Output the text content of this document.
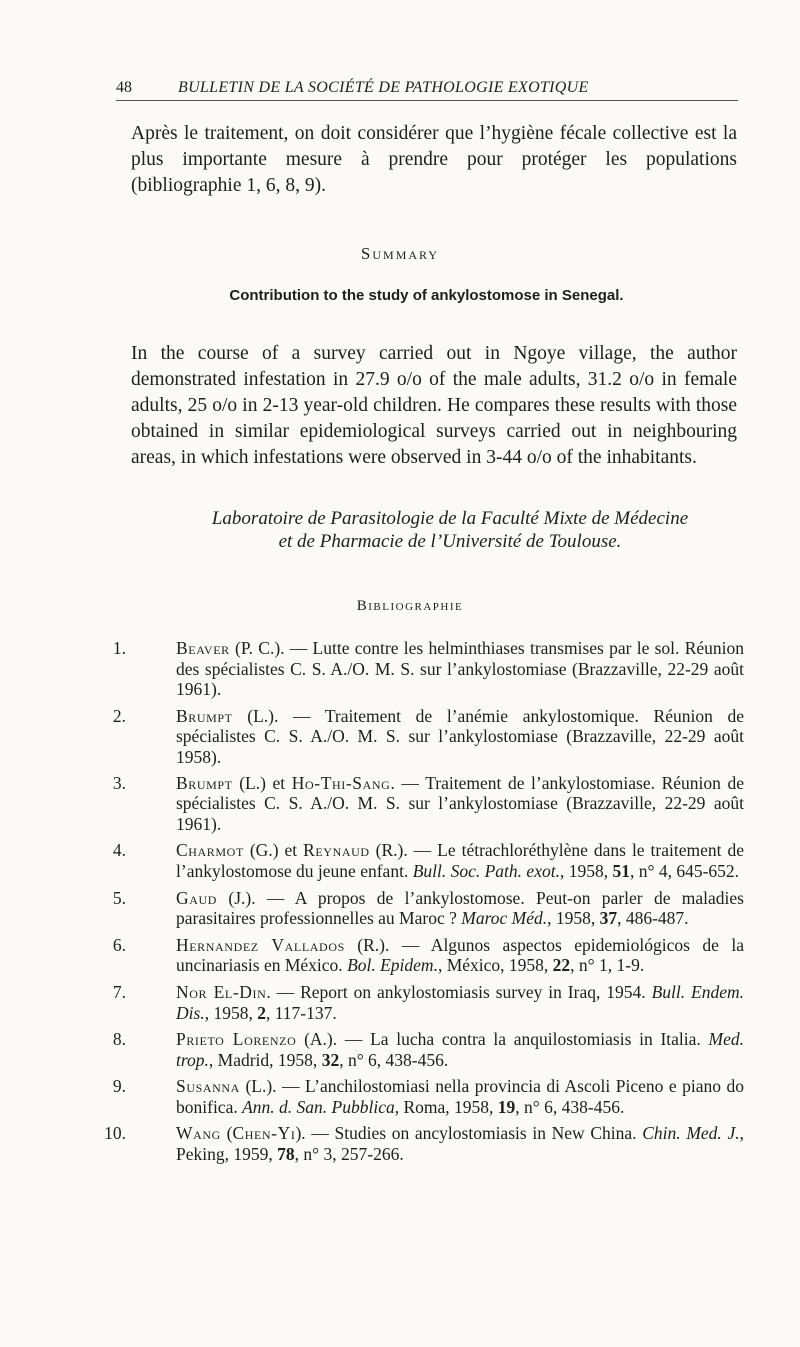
48	BULLETIN DE LA SOCIÉTÉ DE PATHOLOGIE EXOTIQUE

Après le traitement, on doit considérer que l’hygiène fécale collective est la plus importante mesure à prendre pour protéger les populations (bibliographie 1, 6, 8, 9).

Summary
Contribution to the study of ankylostomose in Senegal.

In the course of a survey carried out in Ngoye village, the author demonstrated infestation in 27.9 o/o of the male adults, 31.2 o/o in female adults, 25 o/o in 2-13 year-old children. He compares these results with those obtained in similar epidemiological surveys carried out in neighbouring areas, in which infestations were observed in 3-44 o/o of the inhabitants.

Laboratoire de Parasitologie de la Faculté Mixte de Médecine
et de Pharmacie de l’Université de Toulouse.
Bibliographie
1.	Beaver (P. C.). — Lutte contre les helminthiases transmises par le sol. Réunion des spécialistes C. S. A./O. M. S. sur l’ankylostomiase (Brazzaville, 22-29 août 1961).
2.	Brumpt (L.). — Traitement de l’anémie ankylostomique. Réunion de spécialistes C. S. A./O. M. S. sur l’ankylostomiase (Brazzaville, 22-29 août 1958).
3.	Brumpt (L.) et Ho-Thi-Sang. — Traitement de l’ankylostomiase. Réunion de spécialistes C. S. A./O. M. S. sur l’ankylostomiase (Brazzaville, 22-29 août 1961).
4.	Charmot (G.) et Reynaud (R.). — Le tétrachloréthylène dans le traitement de l’ankylostomose du jeune enfant. Bull. Soc. Path. exot., 1958, 51, n° 4, 645-652.
5.	Gaud (J.). — A propos de l’ankylostomose. Peut-on parler de maladies parasitaires professionnelles au Maroc ? Maroc Méd., 1958, 37, 486-487.
6.	Hernandez Vallados (R.). — Algunos aspectos epidemiológicos de la uncinariasis en México. Bol. Epidem., México, 1958, 22, n° 1, 1-9.
7.	Nor El-Din. — Report on ankylostomiasis survey in Iraq, 1954. Bull. Endem. Dis., 1958, 2, 117-137.
8.	Prieto Lorenzo (A.). — La lucha contra la anquilostomiasis in Italia. Med. trop., Madrid, 1958, 32, n° 6, 438-456.
9.	Susanna (L.). — L’anchilostomiasi nella provincia di Ascoli Piceno e piano do bonifica. Ann. d. San. Pubblica, Roma, 1958, 19, n° 6, 438-456.
10.	Wang (Chen-Yi). — Studies on ancylostomiasis in New China. Chin. Med. J., Peking, 1959, 78, n° 3, 257-266.
